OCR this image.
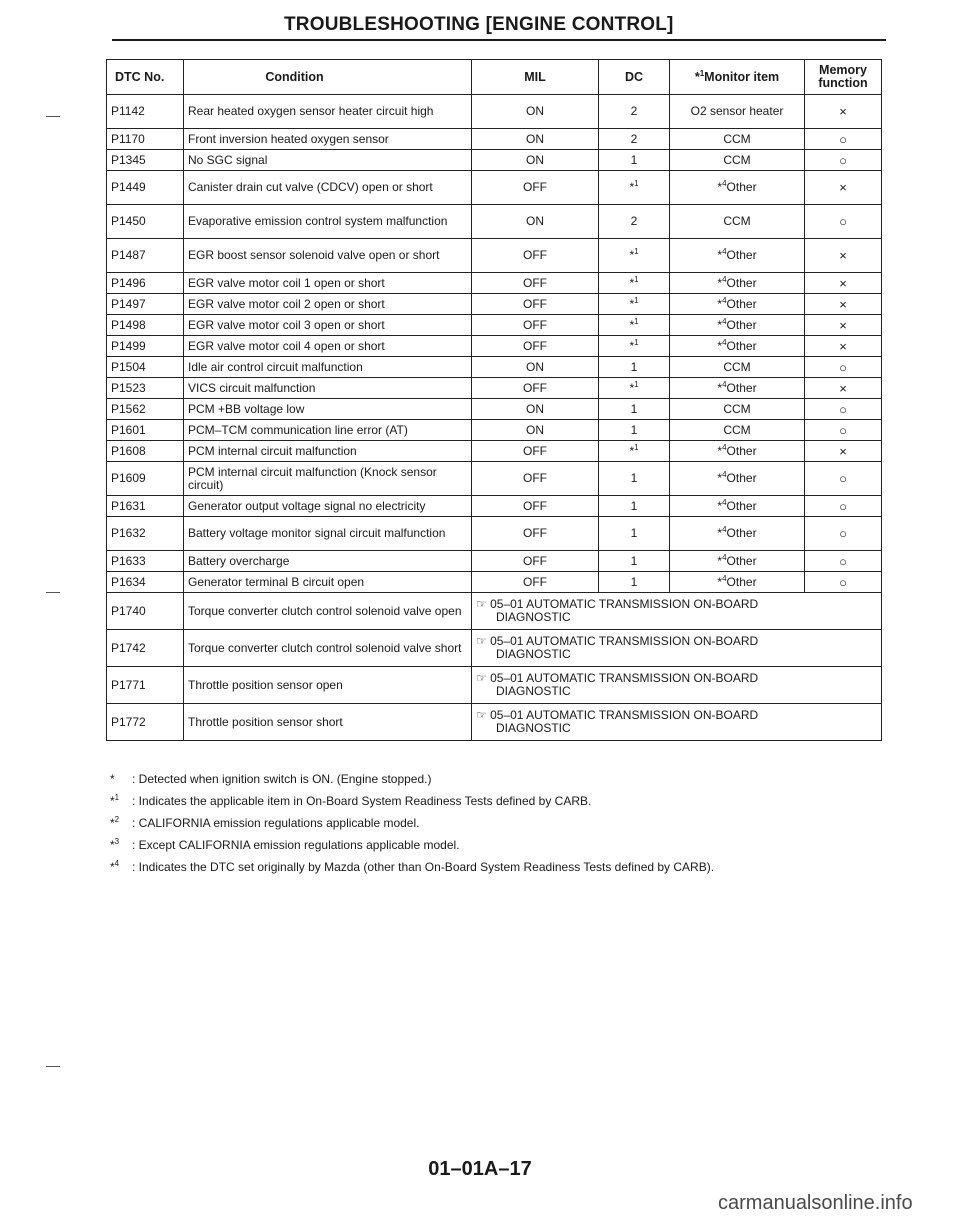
TROUBLESHOOTING [ENGINE CONTROL]
DTC No.	Condition	MIL	DC	*$^1$Monitor item	Memory
function

P1142	Rear heated oxygen sensor heater circuit high	ON	2	O2 sensor heater	×
P1170	Front inversion heated oxygen sensor	ON	2	CCM	○
P1345	No SGC signal	ON	1	CCM	○
P1449	Canister drain cut valve (CDCV) open or short	OFF	*$^1$	*$^4$Other	×
P1450	Evaporative emission control system malfunction	ON	2	CCM	○
P1487	EGR boost sensor solenoid valve open or short	OFF	*$^1$	*$^4$Other	×
P1496	EGR valve motor coil 1 open or short	OFF	*$^1$	*$^4$Other	×
P1497	EGR valve motor coil 2 open or short	OFF	*$^1$	*$^4$Other	×
P1498	EGR valve motor coil 3 open or short	OFF	*$^1$	*$^4$Other	×
P1499	EGR valve motor coil 4 open or short	OFF	*$^1$	*$^4$Other	×
P1504	Idle air control circuit malfunction	ON	1	CCM	○
P1523	VICS circuit malfunction	OFF	*$^1$	*$^4$Other	×
P1562	PCM +BB voltage low	ON	1	CCM	○
P1601	PCM–TCM communication line error (AT)	ON	1	CCM	○
P1608	PCM internal circuit malfunction	OFF	*$^1$	*$^4$Other	×
P1609	PCM internal circuit malfunction (Knock sensor circuit)	OFF	1	*$^4$Other	○
P1631	Generator output voltage signal no electricity	OFF	1	*$^4$Other	○
P1632	Battery voltage monitor signal circuit malfunction	OFF	1	*$^4$Other	○
P1633	Battery overcharge	OFF	1	*$^4$Other	○
P1634	Generator terminal B circuit open	OFF	1	*$^4$Other	○
P1740	Torque converter clutch control solenoid valve open	☞ 05–01 AUTOMATIC TRANSMISSION ON-BOARD
DIAGNOSTIC			

P1742	Torque converter clutch control solenoid valve short	☞ 05–01 AUTOMATIC TRANSMISSION ON-BOARD
DIAGNOSTIC			

P1771	Throttle position sensor open	☞ 05–01 AUTOMATIC TRANSMISSION ON-BOARD
DIAGNOSTIC			

P1772	Throttle position sensor short	☞ 05–01 AUTOMATIC TRANSMISSION ON-BOARD
DIAGNOSTIC			
*	: Detected when ignition switch is ON. (Engine stopped.)
*$^1$	: Indicates the applicable item in On-Board System Readiness Tests defined by CARB.
*$^2$	: CALIFORNIA emission regulations applicable model.
*$^3$	: Except CALIFORNIA emission regulations applicable model.
*$^4$	: Indicates the DTC set originally by Mazda (other than On-Board System Readiness Tests defined by CARB).
01–01A–17
carmanualsonline.info
